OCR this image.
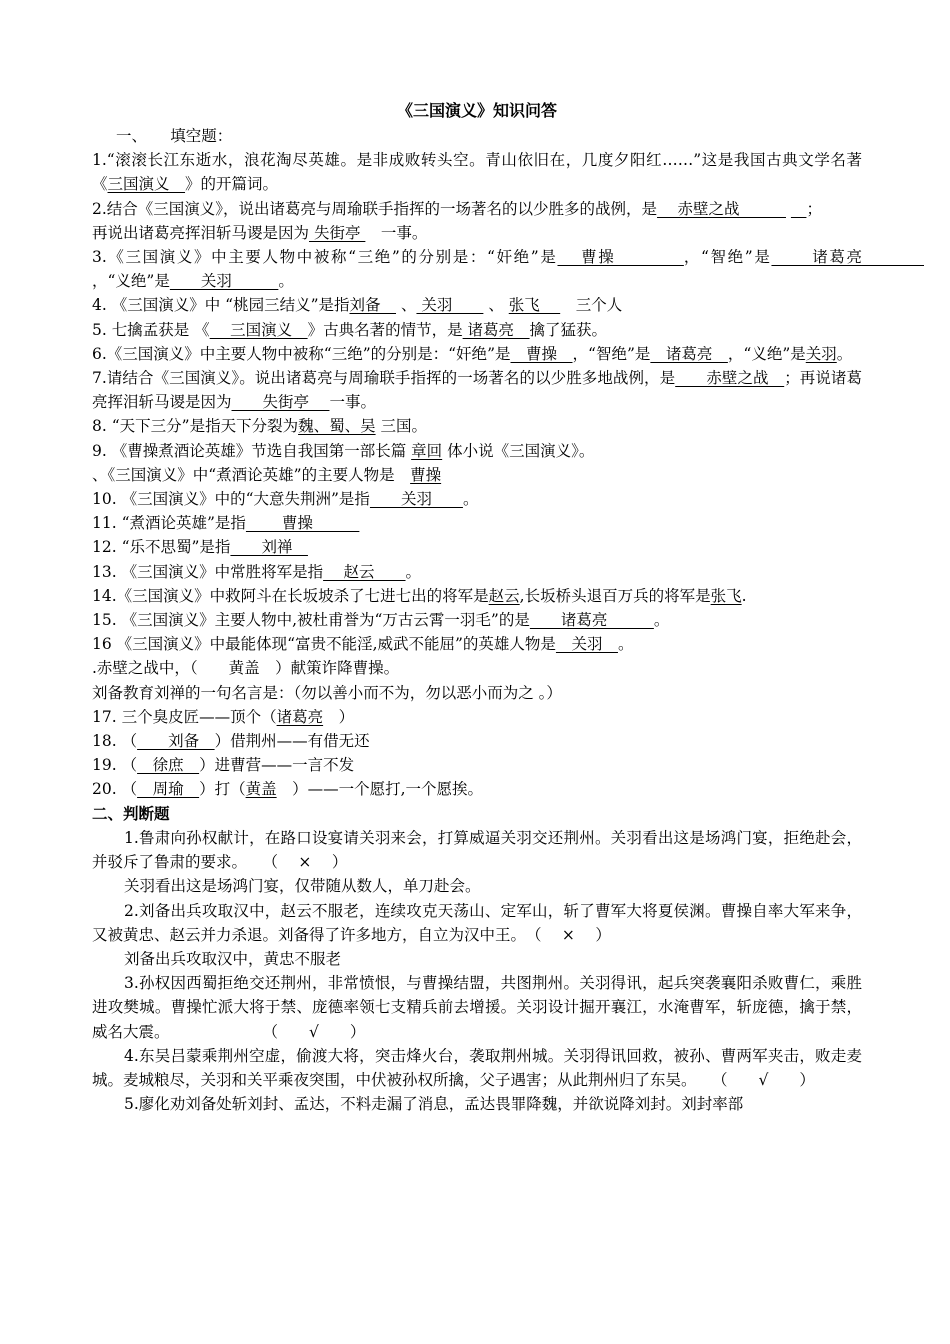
《三国演义》知识问答
一、　　填空题：
1.“滚滚长江东逝水，浪花淘尽英雄。是非成败转头空。青山依旧在，几度夕阳红……”这是我国古典文学名著《三国演义　》的开篇词。
2.结合《三国演义》，说出诸葛亮与周瑜联手指挥的一场著名的以少胜多的战例，是　 赤壁之战　　　 　；
再说出诸葛亮挥泪斩马谡是因为 失街亭 　一事。
3.《三国演义》中主要人物中被称“三绝”的分别是：“奸绝”是　 曹操　　　　，“智绝”是　　 诸葛亮　　　　，“义绝”是　　关羽　　　。
4. 《三国演义》中 “桃园三结义”是指刘备　 、 关羽　　 、 张飞　 　三个人
5. 七擒孟获是 《　 三国演义　》古典名著的情节，是 诸葛亮　擒了猛获。
6.《三国演义》中主要人物中被称“三绝”的分别是：“奸绝”是　曹操　，“智绝”是　诸葛亮　，“义绝”是关羽。
7.请结合《三国演义》。说出诸葛亮与周瑜联手指挥的一场著名的以少胜多地战例，是　　赤壁之战　；再说诸葛亮挥泪斩马谡是因为　　失街亭　 一事。
8. “天下三分”是指天下分裂为魏、蜀、吴 三国。
9. 《曹操煮酒论英雄》节选自我国第一部长篇 章回 体小说《三国演义》。
、《三国演义》中“煮酒论英雄”的主要人物是　曹操
10. 《三国演义》中的“大意失荆洲”是指　　关羽　　。
11. “煮酒论英雄”是指　　 曹操　　　
12. “乐不思蜀”是指　　刘禅　
13. 《三国演义》中常胜将军是指　 赵云　　。
14.《三国演义》中救阿斗在长坂坡杀了七进七出的将军是赵云,长坂桥头退百万兵的将军是张飞.
15. 《三国演义》主要人物中,被杜甫誉为“万古云霄一羽毛”的是　　诸葛亮　　　。
16 《三国演义》中最能体现“富贵不能淫,威武不能屈”的英雄人物是　关羽　。
.赤壁之战中，（　　黄盖　）献策诈降曹操。
刘备教育刘禅的一句名言是：（勿以善小而不为，勿以恶小而为之 。）
17. 三个臭皮匠——顶个（诸葛亮　）
18. （　　刘备　）借荆州——有借无还
19. （　徐庶　）进曹营——一言不发
20. （　周瑜　）打（黄盖　）——一个愿打,一个愿挨。
二、判断题
1.鲁肃向孙权献计，在路口设宴请关羽来会，打算威逼关羽交还荆州。关羽看出这是场鸿门宴，拒绝赴会，并驳斥了鲁肃的要求。　　（　 ×　 ）
关羽看出这是场鸿门宴，仅带随从数人，单刀赴会。
2.刘备出兵攻取汉中，赵云不服老，连续攻克天荡山、定军山，斩了曹军大将夏侯渊。曹操自率大军来争，又被黄忠、赵云并力杀退。刘备得了许多地方，自立为汉中王。　（　 ×　 ）
刘备出兵攻取汉中，黄忠不服老
3.孙权因西蜀拒绝交还荆州，非常愤恨，与曹操结盟，共图荆州。关羽得讯，起兵突袭襄阳杀败曹仁，乘胜进攻樊城。曹操忙派大将于禁、庞德率领七支精兵前去增援。关羽设计掘开襄江，水淹曹军，斩庞德，擒于禁，威名大震。　　　　　　　（　　√　　）
4.东吴吕蒙乘荆州空虚，偷渡大将，突击烽火台，袭取荆州城。关羽得讯回救，被孙、曹两军夹击，败走麦城。麦城粮尽，关羽和关平乘夜突围，中伏被孙权所擒，父子遇害；从此荆州归了东吴。　　（　　√　　）
5.廖化劝刘备处斩刘封、孟达，不料走漏了消息，孟达畏罪降魏，并欲说降刘封。刘封率部
